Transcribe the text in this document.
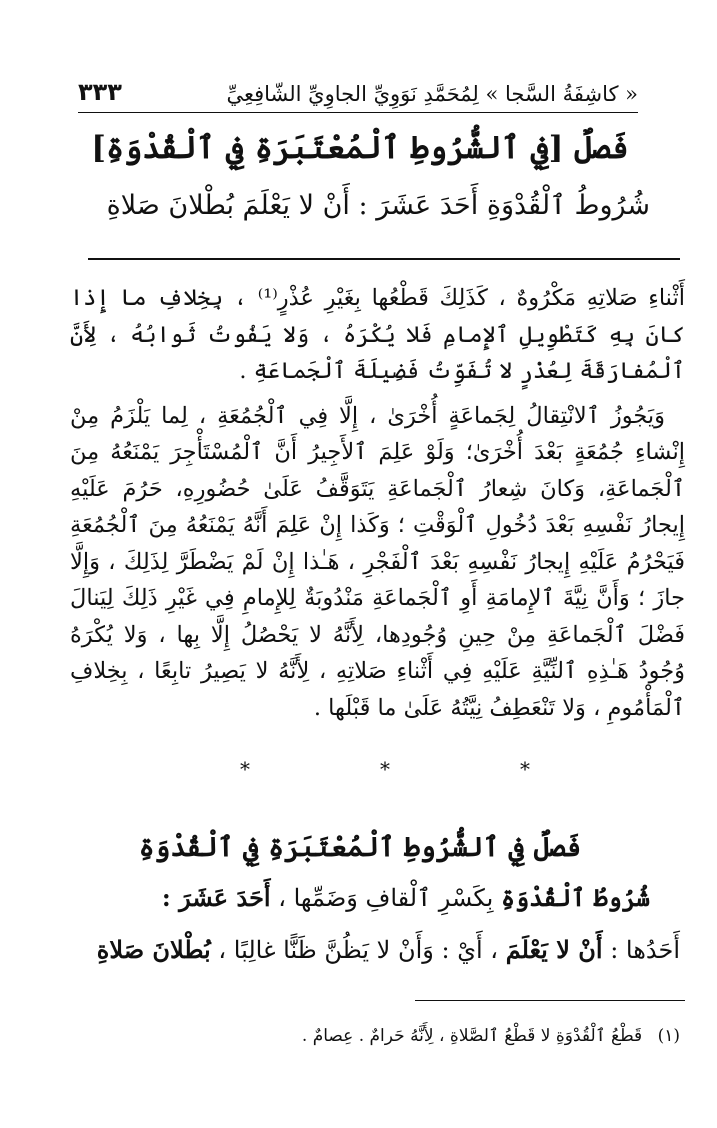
« كاشِفَةُ السَّجا » لِمُحَمَّدِ نَوَوِيِّ الجاوِيِّ الشّافِعِيِّ
٣٣٣
فَصلٌ [فِي ٱلشُّرُوطِ ٱلْمُعْتَبَرَةِ فِي ٱلْقُدْوَةِ]
شُرُوطُ ٱلْقُدْوَةِ أَحَدَ عَشَرَ : أَنْ لا يَعْلَمَ بُطْلانَ صَلاةِ

أَثْناءِ صَلاتِهِ مَكْرُوهٌ ، كَذَلِكَ قَطْعُها بِغَيْرِ عُذْرٍ⁽¹⁾ ، بِخِلافِ ما إِذا كانَ بِهِ كَتَطْوِيلِ ٱلإِمامِ فَلا يُكْرَهُ ، وَلا يَفُوتُ ثَوابُهُ ، لِأَنَّ ٱلْمُفارَقَةَ لِعُذْرٍ لا تُفَوِّتُ فَضِيلَةَ ٱلْجَماعَةِ .

وَيَجُوزُ ٱلانْتِقالُ لِجَماعَةٍ أُخْرَىٰ ، إِلَّا فِي ٱلْجُمُعَةِ ، لِما يَلْزَمُ مِنْ إِنْشاءِ جُمُعَةٍ بَعْدَ أُخْرَىٰ؛ وَلَوْ عَلِمَ ٱلأَجِيرُ أَنَّ ٱلْمُسْتَأْجِرَ يَمْنَعُهُ مِنَ ٱلْجَماعَةِ، وَكانَ شِعارُ ٱلْجَماعَةِ يَتَوَقَّفُ عَلَىٰ حُضُورِهِ، حَرُمَ عَلَيْهِ إِيجارُ نَفْسِهِ بَعْدَ دُخُولِ ٱلْوَقْتِ ؛ وَكَذا إِنْ عَلِمَ أَنَّهُ يَمْنَعُهُ مِنَ ٱلْجُمُعَةِ فَيَحْرُمُ عَلَيْهِ إِيجارُ نَفْسِهِ بَعْدَ ٱلْفَجْرِ ، هَـٰذا إِنْ لَمْ يَضْطَرَّ لِذَلِكَ ، وَإِلَّا جازَ ؛ وَأَنَّ نِيَّةَ ٱلإِمامَةِ أَوِ ٱلْجَماعَةِ مَنْدُوبَةٌ لِلإِمامِ فِي غَيْرِ ذَلِكَ لِيَنالَ فَضْلَ ٱلْجَماعَةِ مِنْ حِينِ وُجُودِها، لِأَنَّهُ لا يَحْصُلُ إِلَّا بِها ، وَلا يُكْرَهُ وُجُودُ هَـٰذِهِ ٱلنِّيَّةِ عَلَيْهِ فِي أَثْناءِ صَلاتِهِ ، لِأَنَّهُ لا يَصِيرُ تابِعًا ، بِخِلافِ ٱلْمَأْمُومِ ، وَلا تَنْعَطِفُ نِيَّتُهُ عَلَىٰ ما قَبْلَها .

*	*	*
فَصلٌ فِي ٱلشُّرُوطِ ٱلْمُعْتَبَرَةِ فِي ٱلْقُدْوَةِ
شُرُوطُ ٱلْقُدْوَةِ بِكَسْرِ ٱلْقافِ وَضَمِّها ، أَحَدَ عَشَرَ :
أَحَدُها : أَنْ لا يَعْلَمَ ، أَيْ : وَأَنْ لا يَظُنَّ ظَنًّا غالِبًا ، بُطْلانَ صَلاةِ
(١) قَطْعُ ٱلْقُدْوَةِ لا قَطْعُ ٱلصَّلاةِ ، لِأَنَّهُ حَرامٌ . عِصامٌ .
